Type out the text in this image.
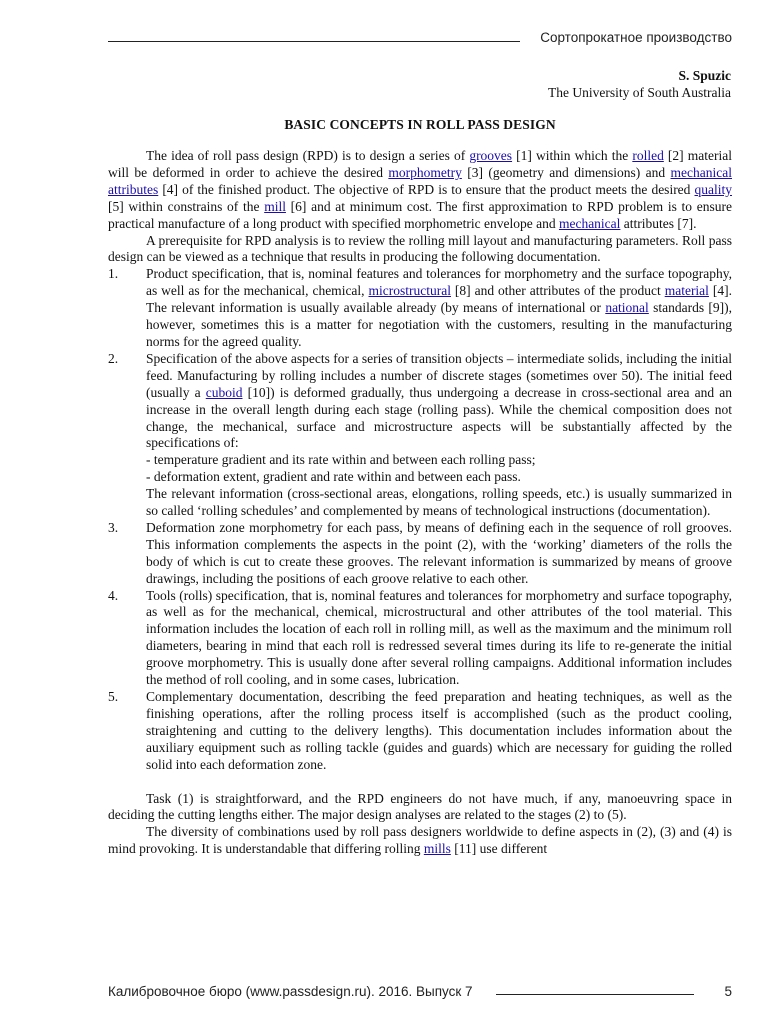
Сортопрокатное производство
S. Spuzic
The University of South Australia
BASIC CONCEPTS IN ROLL PASS DESIGN

The idea of roll pass design (RPD) is to design a series of grooves [1] within which the rolled [2] material will be deformed in order to achieve the desired morphometry [3] (geometry and dimensions) and mechanical attributes [4] of the finished product. The objective of RPD is to ensure that the product meets the desired quality [5] within constrains of the mill [6] and at minimum cost. The first approximation to RPD problem is to ensure practical manufacture of a long product with specified morphometric envelope and mechanical attributes [7].

A prerequisite for RPD analysis is to review the rolling mill layout and manufacturing parameters. Roll pass design can be viewed as a technique that results in producing the following documentation.

1. Product specification, that is, nominal features and tolerances for morphometry and the surface topography, as well as for the mechanical, chemical, microstructural [8] and other attributes of the product material [4]. The relevant information is usually available already (by means of international or national standards [9]), however, sometimes this is a matter for negotiation with the customers, resulting in the manufacturing norms for the agreed quality.
2. Specification of the above aspects for a series of transition objects – intermediate solids, including the initial feed. Manufacturing by rolling includes a number of discrete stages (sometimes over 50). The initial feed (usually a cuboid [10]) is deformed gradually, thus undergoing a decrease in cross-sectional area and an increase in the overall length during each stage (rolling pass). While the chemical composition does not change, the mechanical, surface and microstructure aspects will be substantially affected by the specifications of:
- temperature gradient and its rate within and between each rolling pass;
- deformation extent, gradient and rate within and between each pass.
The relevant information (cross-sectional areas, elongations, rolling speeds, etc.) is usually summarized in so called ‘rolling schedules’ and complemented by means of technological instructions (documentation).
3. Deformation zone morphometry for each pass, by means of defining each in the sequence of roll grooves. This information complements the aspects in the point (2), with the ‘working’ diameters of the rolls the body of which is cut to create these grooves. The relevant information is summarized by means of groove drawings, including the positions of each groove relative to each other.
4. Tools (rolls) specification, that is, nominal features and tolerances for morphometry and surface topography, as well as for the mechanical, chemical, microstructural and other attributes of the tool material. This information includes the location of each roll in rolling mill, as well as the maximum and the minimum roll diameters, bearing in mind that each roll is redressed several times during its life to re-generate the initial groove morphometry. This is usually done after several rolling campaigns. Additional information includes the method of roll cooling, and in some cases, lubrication.
5. Complementary documentation, describing the feed preparation and heating techniques, as well as the finishing operations, after the rolling process itself is accomplished (such as the product cooling, straightening and cutting to the delivery lengths). This documentation includes information about the auxiliary equipment such as rolling tackle (guides and guards) which are necessary for guiding the rolled solid into each deformation zone.

Task (1) is straightforward, and the RPD engineers do not have much, if any, manoeuvring space in deciding the cutting lengths either. The major design analyses are related to the stages (2) to (5).

The diversity of combinations used by roll pass designers worldwide to define aspects in (2), (3) and (4) is mind provoking. It is understandable that differing rolling mills [11] use different

Калибровочное бюро (www.passdesign.ru). 2016. Выпуск 7	5
